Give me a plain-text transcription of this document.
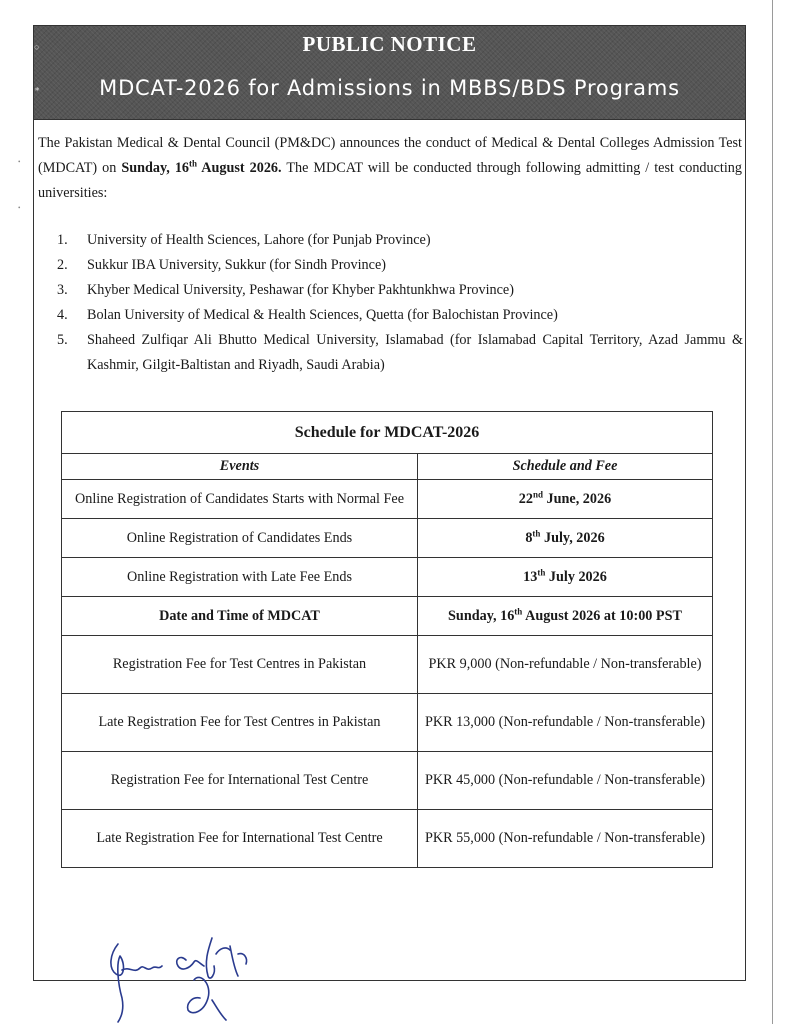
○
∗
PUBLIC NOTICE
MDCAT-2026 for Admissions in MBBS/BDS Programs
•
•

The Pakistan Medical & Dental Council (PM&DC) announces the conduct of Medical & Dental Colleges Admission Test (MDCAT) on Sunday, 16th August 2026. The MDCAT will be conducted through following admitting / test conducting universities:

1. University of Health Sciences, Lahore (for Punjab Province)
2. Sukkur IBA University, Sukkur (for Sindh Province)
3. Khyber Medical University, Peshawar (for Khyber Pakhtunkhwa Province)
4. Bolan University of Medical & Health Sciences, Quetta (for Balochistan Province)
5. Shaheed Zulfiqar Ali Bhutto Medical University, Islamabad (for Islamabad Capital Territory, Azad Jammu & Kashmir, Gilgit-Baltistan and Riyadh, Saudi Arabia)
Schedule for MDCAT-2026	
Events	Schedule and Fee
Online Registration of Candidates Starts with Normal Fee	22nd June, 2026
Online Registration of Candidates Ends	8th July, 2026
Online Registration with Late Fee Ends	13th July 2026
Date and Time of MDCAT	Sunday, 16th August 2026 at 10:00 PST
Registration Fee for Test Centres in Pakistan	PKR 9,000 (Non-refundable / Non-transferable)
Late Registration Fee for Test Centres in Pakistan	PKR 13,000 (Non-refundable / Non-transferable)
Registration Fee for International Test Centre	PKR 45,000 (Non-refundable / Non-transferable)
Late Registration Fee for International Test Centre	PKR 55,000 (Non-refundable / Non-transferable)
